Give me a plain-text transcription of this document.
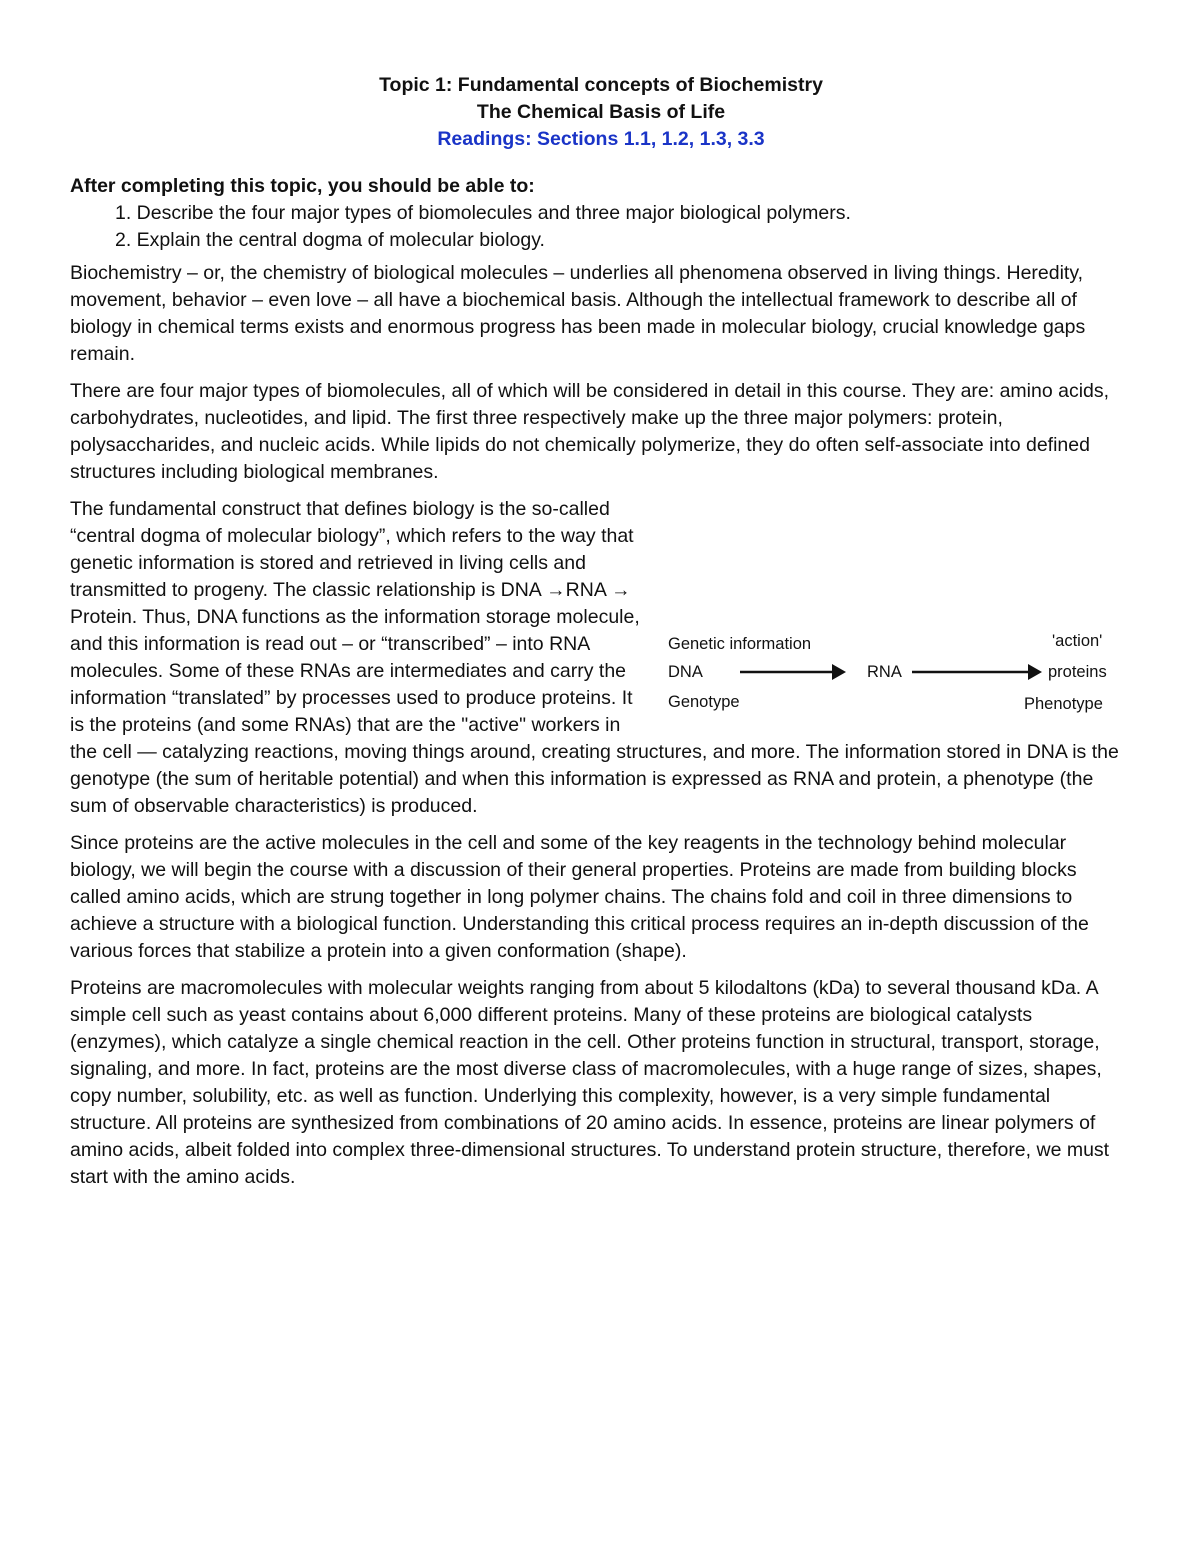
Topic 1: Fundamental concepts of Biochemistry
The Chemical Basis of Life
Readings: Sections 1.1, 1.2, 1.3, 3.3
After completing this topic, you should be able to:
1. Describe the four major types of biomolecules and three major biological polymers.
2. Explain the central dogma of molecular biology.

Biochemistry – or, the chemistry of biological molecules – underlies all phenomena observed in living things. Heredity, movement, behavior – even love – all have a biochemical basis. Although the intellectual framework to describe all of biology in chemical terms exists and enormous progress has been made in molecular biology, crucial knowledge gaps remain.

There are four major types of biomolecules, all of which will be considered in detail in this course. They are: amino acids, carbohydrates, nucleotides, and lipid. The first three respectively make up the three major polymers: protein, polysaccharides, and nucleic acids. While lipids do not chemically polymerize, they do often self-associate into defined structures including biological membranes.

Genetic information	'action'
DNA	RNA	proteins
Genotype	Phenotype
The fundamental construct that defines biology is the so-called “central dogma of molecular biology”, which refers to the way that genetic information is stored and retrieved in living cells and transmitted to progeny. The classic relationship is DNA →RNA → Protein. Thus, DNA functions as the information storage molecule, and this information is read out – or “transcribed” – into RNA molecules. Some of these RNAs are intermediates and carry the information “translated” by processes used to produce proteins. It is the proteins (and some RNAs) that are the "active" workers in the cell — catalyzing reactions, moving things around, creating structures, and more. The information stored in DNA is the genotype (the sum of heritable potential) and when this information is expressed as RNA and protein, a phenotype (the sum of observable characteristics) is produced.

Since proteins are the active molecules in the cell and some of the key reagents in the technology behind molecular biology, we will begin the course with a discussion of their general properties. Proteins are made from building blocks called amino acids, which are strung together in long polymer chains. The chains fold and coil in three dimensions to achieve a structure with a biological function. Understanding this critical process requires an in-depth discussion of the various forces that stabilize a protein into a given conformation (shape).

Proteins are macromolecules with molecular weights ranging from about 5 kilodaltons (kDa) to several thousand kDa. A simple cell such as yeast contains about 6,000 different proteins. Many of these proteins are biological catalysts (enzymes), which catalyze a single chemical reaction in the cell. Other proteins function in structural, transport, storage, signaling, and more. In fact, proteins are the most diverse class of macromolecules, with a huge range of sizes, shapes, copy number, solubility, etc. as well as function. Underlying this complexity, however, is a very simple fundamental structure. All proteins are synthesized from combinations of 20 amino acids. In essence, proteins are linear polymers of amino acids, albeit folded into complex three-dimensional structures. To understand protein structure, therefore, we must start with the amino acids.
